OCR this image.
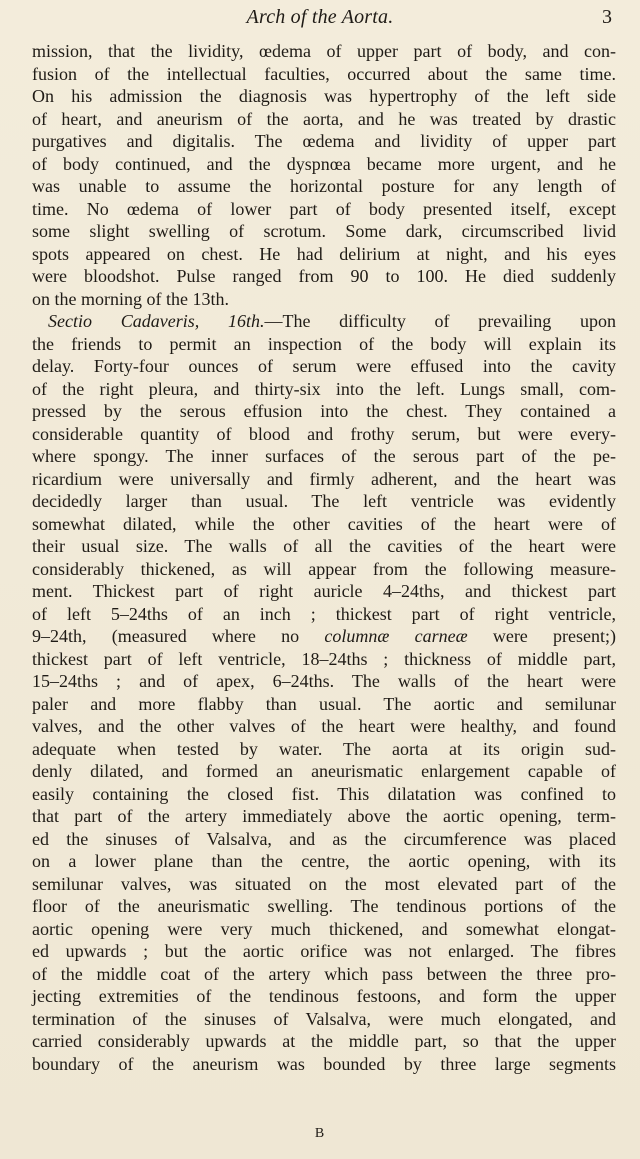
Arch of the Aorta.	3
mission, that the lividity, œdema of upper part of body, and con-
fusion of the intellectual faculties, occurred about the same time.
On his admission the diagnosis was hypertrophy of the left side
of heart, and aneurism of the aorta, and he was treated by drastic
purgatives and digitalis. The œdema and lividity of upper part
of body continued, and the dyspnœa became more urgent, and he
was unable to assume the horizontal posture for any length of
time. No œdema of lower part of body presented itself, except
some slight swelling of scrotum. Some dark, circumscribed livid
spots appeared on chest. He had delirium at night, and his eyes
were bloodshot. Pulse ranged from 90 to 100. He died suddenly
on the morning of the 13th.
Sectio Cadaveris, 16th.—The difficulty of prevailing upon
the friends to permit an inspection of the body will explain its
delay. Forty-four ounces of serum were effused into the cavity
of the right pleura, and thirty-six into the left. Lungs small, com-
pressed by the serous effusion into the chest. They contained a
considerable quantity of blood and frothy serum, but were every-
where spongy. The inner surfaces of the serous part of the pe-
ricardium were universally and firmly adherent, and the heart was
decidedly larger than usual. The left ventricle was evidently
somewhat dilated, while the other cavities of the heart were of
their usual size. The walls of all the cavities of the heart were
considerably thickened, as will appear from the following measure-
ment. Thickest part of right auricle 4–24ths, and thickest part
of left 5–24ths of an inch ; thickest part of right ventricle,
9–24th, (measured where no columnæ carneæ were present;)
thickest part of left ventricle, 18–24ths ; thickness of middle part,
15–24ths ; and of apex, 6–24ths. The walls of the heart were
paler and more flabby than usual. The aortic and semilunar
valves, and the other valves of the heart were healthy, and found
adequate when tested by water. The aorta at its origin sud-
denly dilated, and formed an aneurismatic enlargement capable of
easily containing the closed fist. This dilatation was confined to
that part of the artery immediately above the aortic opening, term-
ed the sinuses of Valsalva, and as the circumference was placed
on a lower plane than the centre, the aortic opening, with its
semilunar valves, was situated on the most elevated part of the
floor of the aneurismatic swelling. The tendinous portions of the
aortic opening were very much thickened, and somewhat elongat-
ed upwards ; but the aortic orifice was not enlarged. The fibres
of the middle coat of the artery which pass between the three pro-
jecting extremities of the tendinous festoons, and form the upper
termination of the sinuses of Valsalva, were much elongated, and
carried considerably upwards at the middle part, so that the upper
boundary of the aneurism was bounded by three large segments
B
